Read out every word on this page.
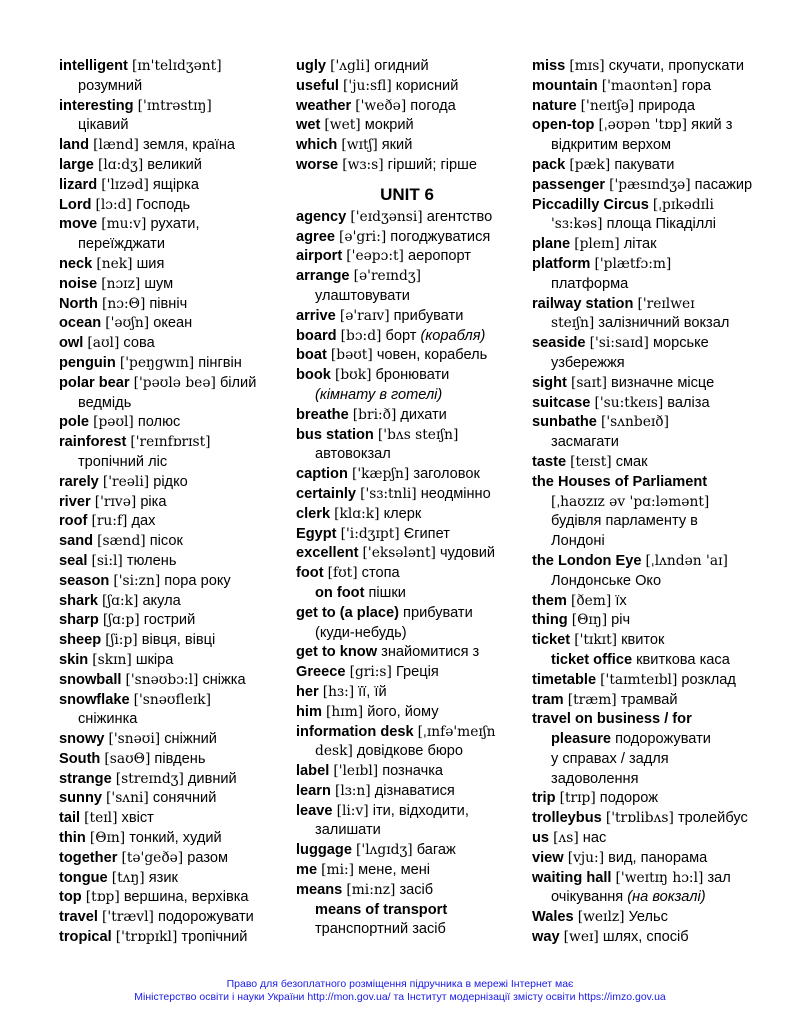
intelligent [ɪn'telɪdʒənt]
розумний
interesting ['ɪntrəstɪŋ]
цікавий
land [lænd] земля, країна
large [lɑ:dʒ] великий
lizard ['lɪzəd] ящірка
Lord [lɔ:d] Господь
move [mu:v] рухати,
переїжджати
neck [nek] шия
noise [nɔɪz] шум
North [nɔ:Θ] північ
ocean ['əʊʃn] океан
owl [aʊl] сова
penguin ['peŋgwɪn] пінгвін
polar bear ['pəʊlə beə] білий
ведмідь
pole [pəʊl] полюс
rainforest ['reɪnfɒrɪst]
тропічний ліс
rarely ['reəli] рідко
river ['rɪvə] ріка
roof [ru:f] дах
sand [sænd] пісок
seal [si:l] тюлень
season ['si:zn] пора року
shark [ʃɑ:k] акула
sharp [ʃɑ:p] гострий
sheep [ʃi:p] вівця, вівці
skin [skɪn] шкіра
snowball ['snəʊbɔ:l] сніжка
snowflake ['snəʊfleɪk]
сніжинка
snowy ['snəʊi] сніжний
South [saʊΘ] південь
strange [streɪndʒ] дивний
sunny ['sʌni] сонячний
tail [teɪl] хвіст
thin [Θɪn] тонкий, худий
together [tə'geðə] разом
tongue [tʌŋ] язик
top [tɒp] вершина, верхівка
travel ['trævl] подорожувати
tropical ['trɒpɪkl] тропічний
ugly ['ʌgli] огидний
useful ['ju:sfl] корисний
weather ['weðə] погода
wet [wet] мокрий
which [wɪtʃ] який
worse [wɜ:s] гірший; гірше
UNIT 6
agency ['eɪdʒənsi] агентство
agree [ə'gri:] погоджуватися
airport ['eəpɔ:t] аеропорт
arrange [ə'reɪndʒ]
улаштовувати
arrive [ə'raɪv] прибувати
board [bɔ:d] борт (корабля)
boat [bəʊt] човен, корабель
book [bʊk] бронювати
(кімнату в готелі)
breathe [bri:ð] дихати
bus station ['bʌs steɪʃn]
автовокзал
caption ['kæpʃn] заголовок
certainly ['sɜ:tnli] неодмінно
clerk [klɑ:k] клерк
Egypt ['i:dʒɪpt] Єгипет
excellent ['eksələnt] чудовий
foot [fʊt] стопа
on foot пішки
get to (a place) прибувати
(куди-небудь)
get to know знайомитися з
Greece [gri:s] Греція
her [hɜ:] її, їй
him [hɪm] його, йому
information desk [ˌɪnfə'meɪʃn
desk] довідкове бюро
label ['leɪbl] позначка
learn [lɜ:n] дізнаватися
leave [li:v] іти, відходити,
залишати
luggage ['lʌgɪdʒ] багаж
me [mi:] мене, мені
means [mi:nz] засіб
means of transport
транспортний засіб
miss [mɪs] скучати, пропускати
mountain ['maʊntən] гора
nature ['neɪtʃə] природа
open-top [ˌəʊpən 'tɒp] який з
відкритим верхом
pack [pæk] пакувати
passenger ['pæsɪndʒə] пасажир
Piccadilly Circus [ˌpɪkədɪli
'sɜ:kəs] площа Пікаділлі
plane [pleɪn] літак
platform ['plætfɔ:m]
платформа
railway station ['reɪlweɪ
steɪʃn] залізничний вокзал
seaside ['si:saɪd] морське
узбережжя
sight [saɪt] визначне місце
suitcase ['su:tkeɪs] валіза
sunbathe ['sʌnbeɪð]
засмагати
taste [teɪst] смак
the Houses of Parliament
[ˌhaʊzɪz əv 'pɑ:ləmənt]
будівля парламенту в
Лондоні
the London Eye [ˌlʌndən 'aɪ]
Лондонське Око
them [ðem] їх
thing [Θɪŋ] річ
ticket ['tɪkɪt] квиток
ticket office квиткова каса
timetable ['taɪmteɪbl] розклад
tram [træm] трамвай
travel on business / for
pleasure подорожувати
у справах / задля
задоволення
trip [trɪp] подорож
trolleybus ['trɒlibʌs] тролейбус
us [ʌs] нас
view [vju:] вид, панорама
waiting hall ['weɪtɪŋ hɔ:l] зал
очікування (на вокзалі)
Wales [weɪlz] Уельс
way [weɪ] шлях, спосіб
Право для безоплатного розміщення підручника в мережі Інтернет має
Міністерство освіти і науки України http://mon.gov.ua/ та Інститут модернізації змісту освіти https://imzo.gov.ua
